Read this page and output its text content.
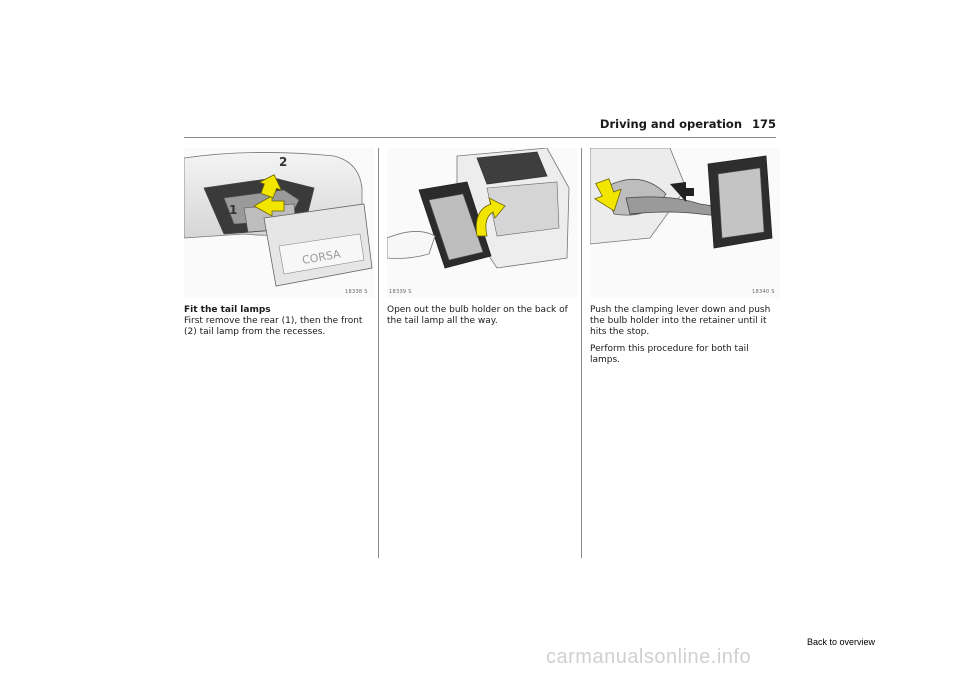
Driving and operation 175
CORSA
1
2
18338 S	18339 S	18340 S

Fit the tail lamps

First remove the rear (1), then the front (2) tail lamp from the recesses.

Open out the bulb holder on the back of the tail lamp all the way.

Push the clamping lever down and push the bulb holder into the retainer until it hits the stop.

Perform this procedure for both tail lamps.

Back to overview
carmanualsonline.info
